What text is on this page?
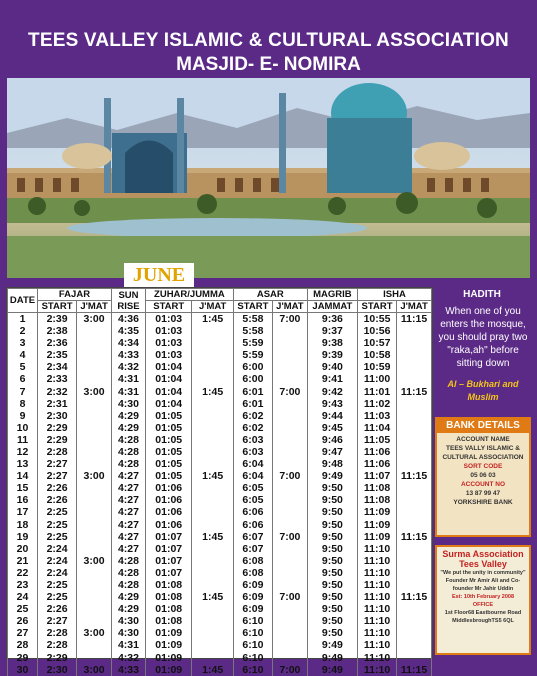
TEES VALLEY ISLAMIC & CULTURAL ASSOCIATION
MASJID- E- NOMIRA
JUNE
DATE	FAJAR		SUN RISE	ZUHAR/JUMMA		ASAR		MAGRIB	ISHA	
	START	J'MAT		START	J'MAT	START	J'MAT	JAMMAT	START	J'MAT
1	2:39	3:00	4:36	01:03	1:45	5:58	7:00	9:36	10:55	11:15
2	2:38		4:35	01:03		5:58		9:37	10:56	
3	2:36		4:34	01:03		5:59		9:38	10:57	
4	2:35		4:33	01:03		5:59		9:39	10:58	
5	2:34		4:32	01:04		6:00		9:40	10:59	
6	2:33		4:31	01:04		6:00		9:41	11:00	
7	2:32	3:00	4:31	01:04	1:45	6:01	7:00	9:42	11:01	11:15
8	2:31		4:30	01:04		6:01		9:43	11:02	
9	2:30		4:29	01:05		6:02		9:44	11:03	
10	2:29		4:29	01:05		6:02		9:45	11:04	
11	2:29		4:28	01:05		6:03		9:46	11:05	
12	2:28		4:28	01:05		6:03		9:47	11:06	
13	2:27		4:28	01:05		6:04		9:48	11:06	
14	2:27	3:00	4:27	01:05	1:45	6:04	7:00	9:49	11:07	11:15
15	2:26		4:27	01:06		6:05		9:50	11:08	
16	2:26		4:27	01:06		6:05		9:50	11:08	
17	2:25		4:27	01:06		6:06		9:50	11:09	
18	2:25		4:27	01:06		6:06		9:50	11:09	
19	2:25		4:27	01:07	1:45	6:07	7:00	9:50	11:09	11:15
20	2:24		4:27	01:07		6:07		9:50	11:10	
21	2:24	3:00	4:28	01:07		6:08		9:50	11:10	
22	2:24		4:28	01:07		6:08		9:50	11:10	
23	2:25		4:28	01:08		6:09		9:50	11:10	
24	2:25		4:29	01:08	1:45	6:09	7:00	9:50	11:10	11:15
25	2:26		4:29	01:08		6:09		9:50	11:10	
26	2:27		4:30	01:08		6:10		9:50	11:10	
27	2:28	3:00	4:30	01:09		6:10		9:50	11:10	
28	2:28		4:31	01:09		6:10		9:49	11:10	
29	2:29		4:32	01:09		6:10		9:49	11:10	
30	2:30	3:00	4:33	01:09	1:45	6:10	7:00	9:49	11:10	11:15
HADITH
When one of you enters the mosque, you should pray two "raka,ah" before sitting down
Al – Bukhari and Muslim
BANK DETAILS
ACCOUNT NAME
TEES VALLY ISLAMIC & CULTURAL ASSOCIATION
SORT CODE
05 06 03
ACCOUNT NO
13 87 99 47
YORKSHIRE BANK
Surma Association Tees Valley
"We put the unity in community"
Founder Mr Amir Ali and Co-founder Mr Jahir Uddin
Est: 10th February 2008
OFFICE
1st Floor68 Eastbourne Road MiddlesbroughTS5 6QL
